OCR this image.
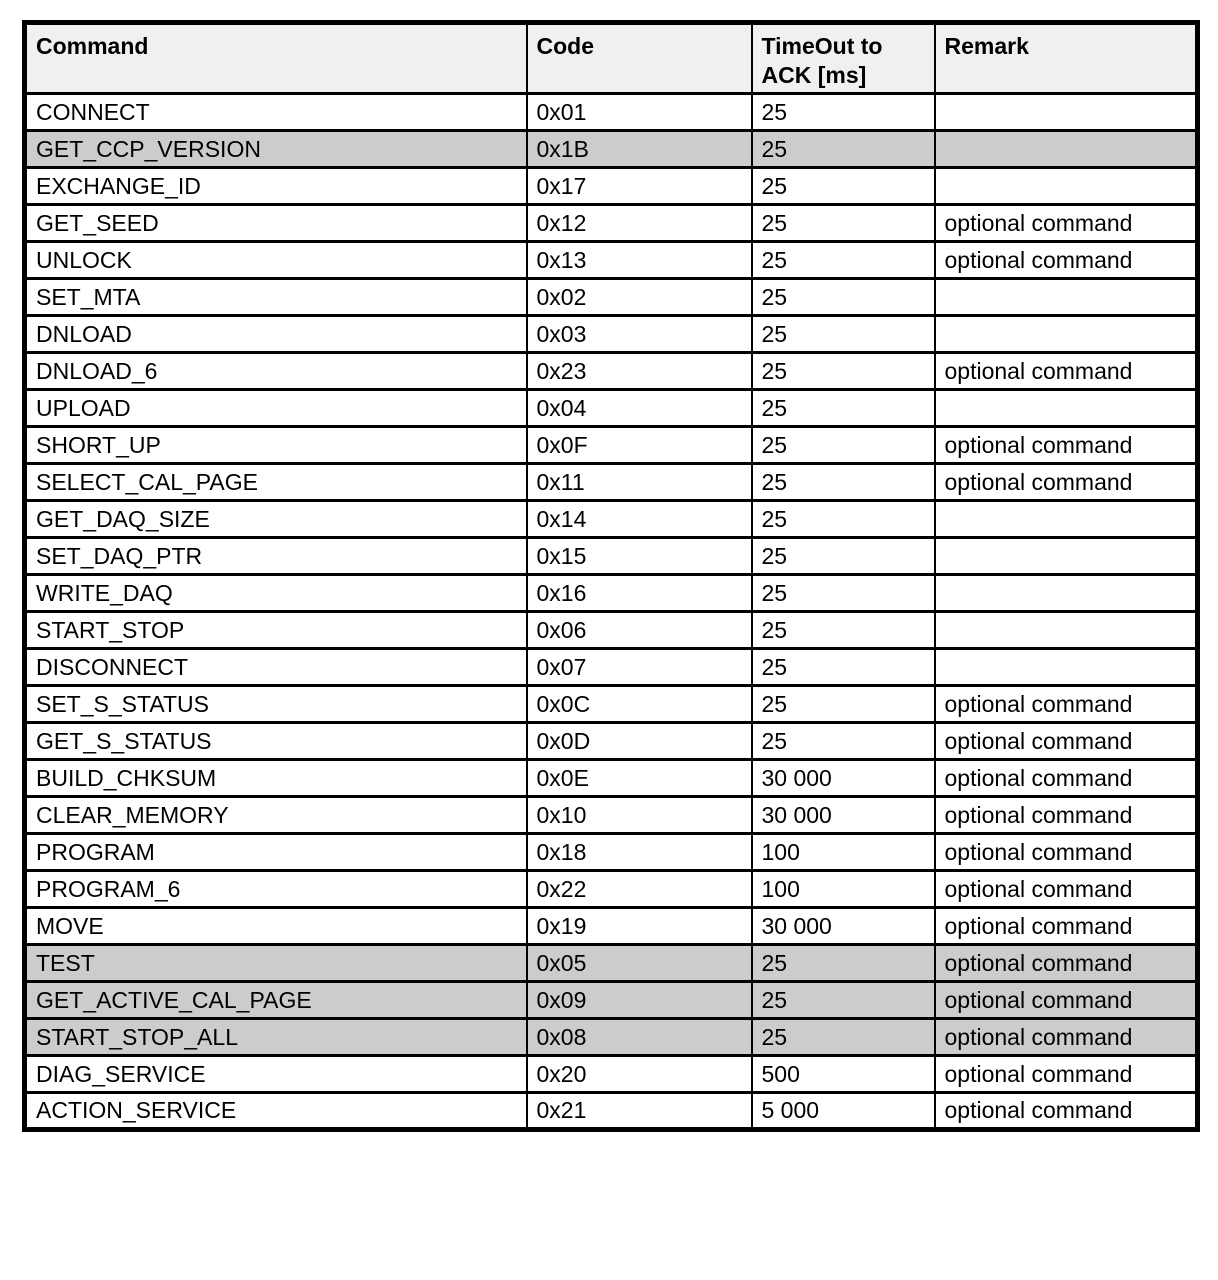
Command	Code	TimeOut to ACK [ms]	Remark
CONNECT	0x01	25	
GET_CCP_VERSION	0x1B	25	
EXCHANGE_ID	0x17	25	
GET_SEED	0x12	25	optional command
UNLOCK	0x13	25	optional command
SET_MTA	0x02	25	
DNLOAD	0x03	25	
DNLOAD_6	0x23	25	optional command
UPLOAD	0x04	25	
SHORT_UP	0x0F	25	optional command
SELECT_CAL_PAGE	0x11	25	optional command
GET_DAQ_SIZE	0x14	25	
SET_DAQ_PTR	0x15	25	
WRITE_DAQ	0x16	25	
START_STOP	0x06	25	
DISCONNECT	0x07	25	
SET_S_STATUS	0x0C	25	optional command
GET_S_STATUS	0x0D	25	optional command
BUILD_CHKSUM	0x0E	30 000	optional command
CLEAR_MEMORY	0x10	30 000	optional command
PROGRAM	0x18	100	optional command
PROGRAM_6	0x22	100	optional command
MOVE	0x19	30 000	optional command
TEST	0x05	25	optional command
GET_ACTIVE_CAL_PAGE	0x09	25	optional command
START_STOP_ALL	0x08	25	optional command
DIAG_SERVICE	0x20	500	optional command
ACTION_SERVICE	0x21	5 000	optional command
